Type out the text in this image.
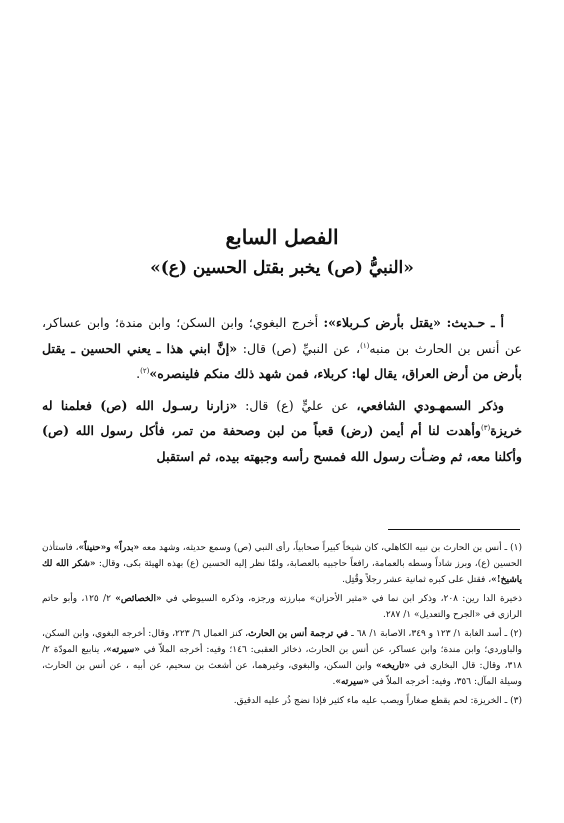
الفصل السابع
«النبيُّ (ص) يخبر بقتل الحسين (ع)»

أ ـ حـديث: «يقتل بأرض كـربلاء»: أخرج البغوي؛ وابن السكن؛ وابن مندة؛ وابن عساكر، عن أنس بن الحارث بن منبه$^{(١)}$، عن النبيِّ (ص) قال: «إنَّ ابني هذا ـ يعني الحسين ـ يقتل بأرض من أرض العراق، يقال لها: كربلاء، فمن شهد ذلك منكم فلينصره»$^{(٢)}$.

وذكر السمهـودي الشافعي، عن عليٍّ (ع) قال: «زارنا رسـول الله (ص) فعلمنا له خريزة$^{(٣)}$وأهدت لنا أم أيمن (رض) قعباً من لبن وصحفة من تمر، فأكل رسول الله (ص) وأكلنا معه، ثم وضـأت رسول الله فمسح رأسه وجبهته بيده، ثم استقبل

(١) ـ أنس بن الحارث بن نبيه الكاهلي، كان شيخاً كبيراً صحابياً، رأى النبي (ص) وسمع حديثه، وشهد معه «بدراً» و«حنيناً»، فاستأذن الحسين (ع)، وبرز شاداً وسطه بالعمامة، رافعاً حاجبيه بالعصابة، ولمّا نظر إليه الحسين (ع) بهذه الهيئة بكى، وقال: «شكر الله لك ياشيخ!»، فقتل على كبره ثمانية عشر رجلاً وقُتِل.

ذخيرة الدا رين: ٢٠٨، وذكر ابن نما في «مثير الأحزان» مبارزته ورجزه، وذكره السيوطي في «الخصائص» ٢/ ١٢٥، وأبو حاتم الرازي في «الجرح والتعديل» ١/ ٢٨٧.

(٢) ـ أسد الغابة ١/ ١٢٣ و ٣٤٩، الاصابة ١/ ٦٨ ـ في ترجمة أنس بن الحارث، كنز العمال ٦/ ٢٢٣، وقال: أخرجه البغوي، وابن السكن، والباوردي؛ وابن مندة؛ وابن عساكر، عن أنس بن الحارث، ذخائر العقبى: ١٤٦؛ وفيه: أخرجه الملاّ في «سيرته»، ينابيع المودّة ٢/ ٣١٨، وقال: قال البخاري في «تاريخه» وابن السكن، والبغوي، وغيرهما، عن أشعث بن سحيم، عن أبيه ، عن أنس بن الحارث، وسيلة المآل: ٣٥٦، وفيه: أخرجه الملاّ في «سيرته».

(٣) ـ الخريزة: لحم يقطع صغاراً ويصب عليه ماء كثير فإذا نضج ذُر عليه الدقيق.
